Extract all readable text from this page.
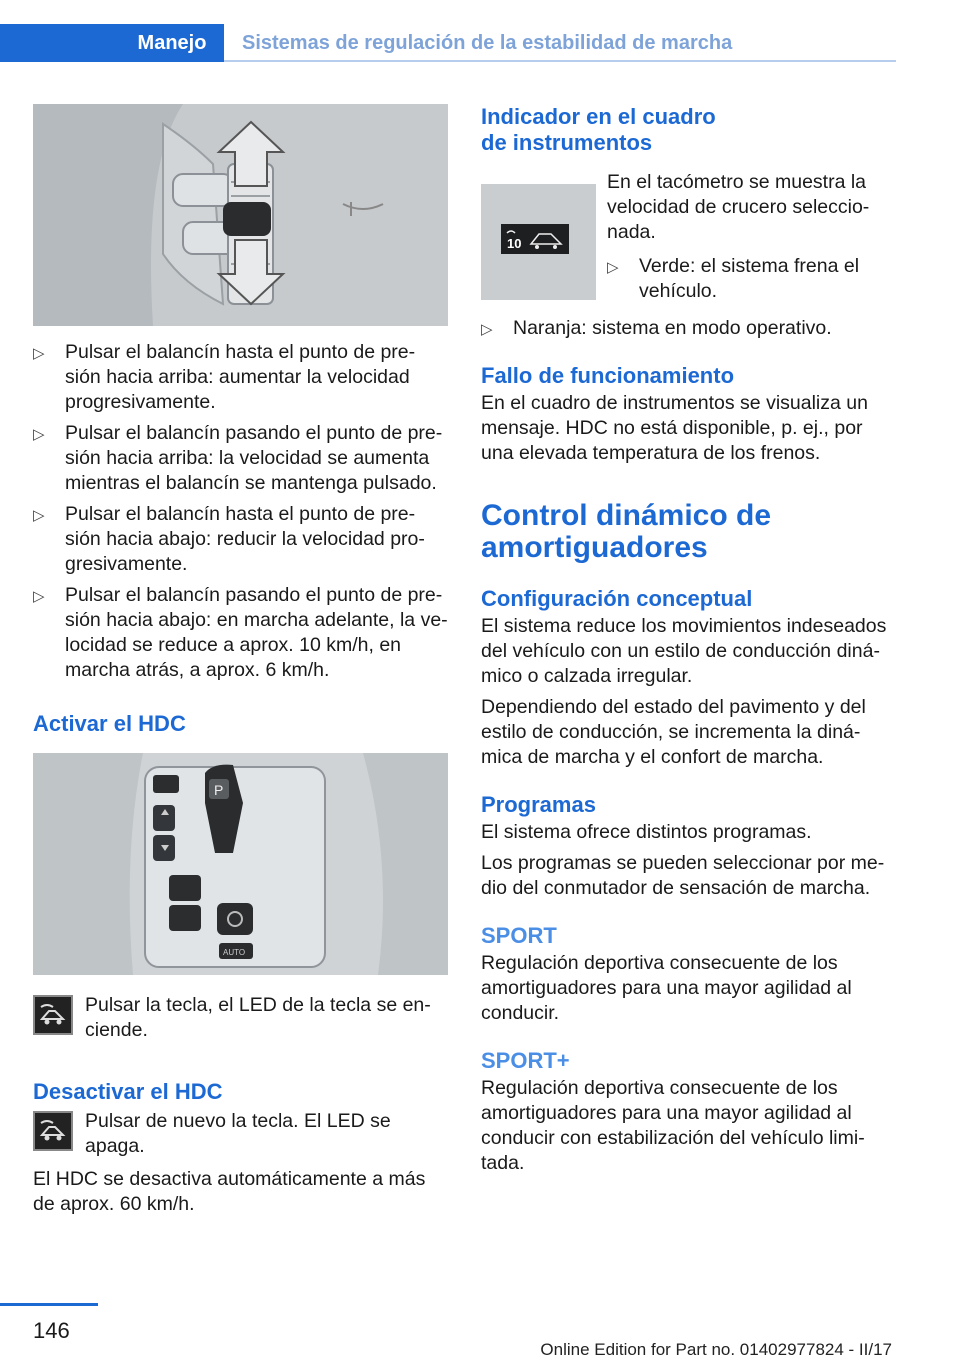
Manejo	Sistemas de regulación de la estabilidad de marcha
▷ Pulsar el balancín hasta el punto de pre‐sión hacia arriba: aumentar la velocidad progresivamente.
▷ Pulsar el balancín pasando el punto de pre‐sión hacia arriba: la velocidad se aumenta mientras el balancín se mantenga pulsado.
▷ Pulsar el balancín hasta el punto de pre‐sión hacia abajo: reducir la velocidad pro‐gresivamente.
▷ Pulsar el balancín pasando el punto de pre‐sión hacia abajo: en marcha adelante, la ve‐locidad se reduce a aprox. 10 km/h, en marcha atrás, a aprox. 6 km/h.
Activar el HDC
P
AUTO
Pulsar la tecla, el LED de la tecla se en‐ciende.
Desactivar el HDC
Pulsar de nuevo la tecla. El LED se apaga.
El HDC se desactiva automáticamente a más de aprox. 60 km/h.
Indicador en el cuadro de instrumentos
10
En el tacómetro se muestra la velocidad de crucero seleccio‐nada.
▷ Verde: el sistema frena el vehículo.
▷ Naranja: sistema en modo operativo.
Fallo de funcionamiento
En el cuadro de instrumentos se visualiza un mensaje. HDC no está disponible, p. ej., por una elevada temperatura de los frenos.
Control dinámico de amortiguadores
Configuración conceptual
El sistema reduce los movimientos indeseados del vehículo con un estilo de conducción diná‐mico o calzada irregular.
Dependiendo del estado del pavimento y del estilo de conducción, se incrementa la diná‐mica de marcha y el confort de marcha.
Programas
El sistema ofrece distintos programas.
Los programas se pueden seleccionar por me‐dio del conmutador de sensación de marcha.
SPORT
Regulación deportiva consecuente de los amortiguadores para una mayor agilidad al conducir.
SPORT+
Regulación deportiva consecuente de los amortiguadores para una mayor agilidad al conducir con estabilización del vehículo limi‐tada.
146
Online Edition for Part no. 01402977824 - II/17
